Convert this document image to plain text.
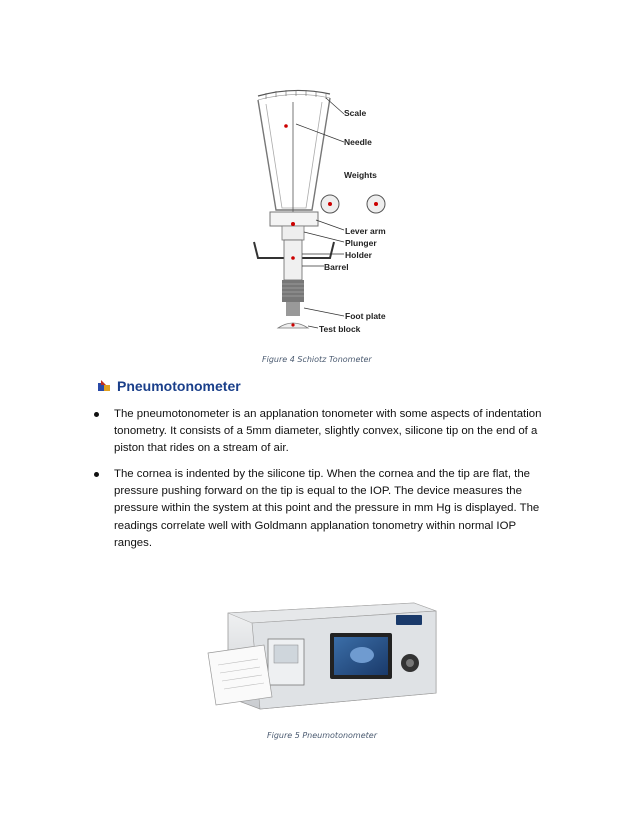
Scale
Needle
Weights
Lever arm
Plunger
Holder
Barrel
Foot plate
Test block
Figure 4 Schiotz Tonometer
Pneumotonometer

The pneumotonometer is an applanation tonometer with some aspects of indentation tonometry. It consists of a 5mm diameter, slightly convex, silicone tip on the end of a piston that rides on a stream of air.

The cornea is indented by the silicone tip. When the cornea and the tip are flat, the pressure pushing forward on the tip is equal to the IOP. The device measures the pressure within the system at this point and the pressure in mm Hg is displayed. The readings correlate well with Goldmann applanation tonometry within normal IOP ranges.

Figure 5 Pneumotonometer
